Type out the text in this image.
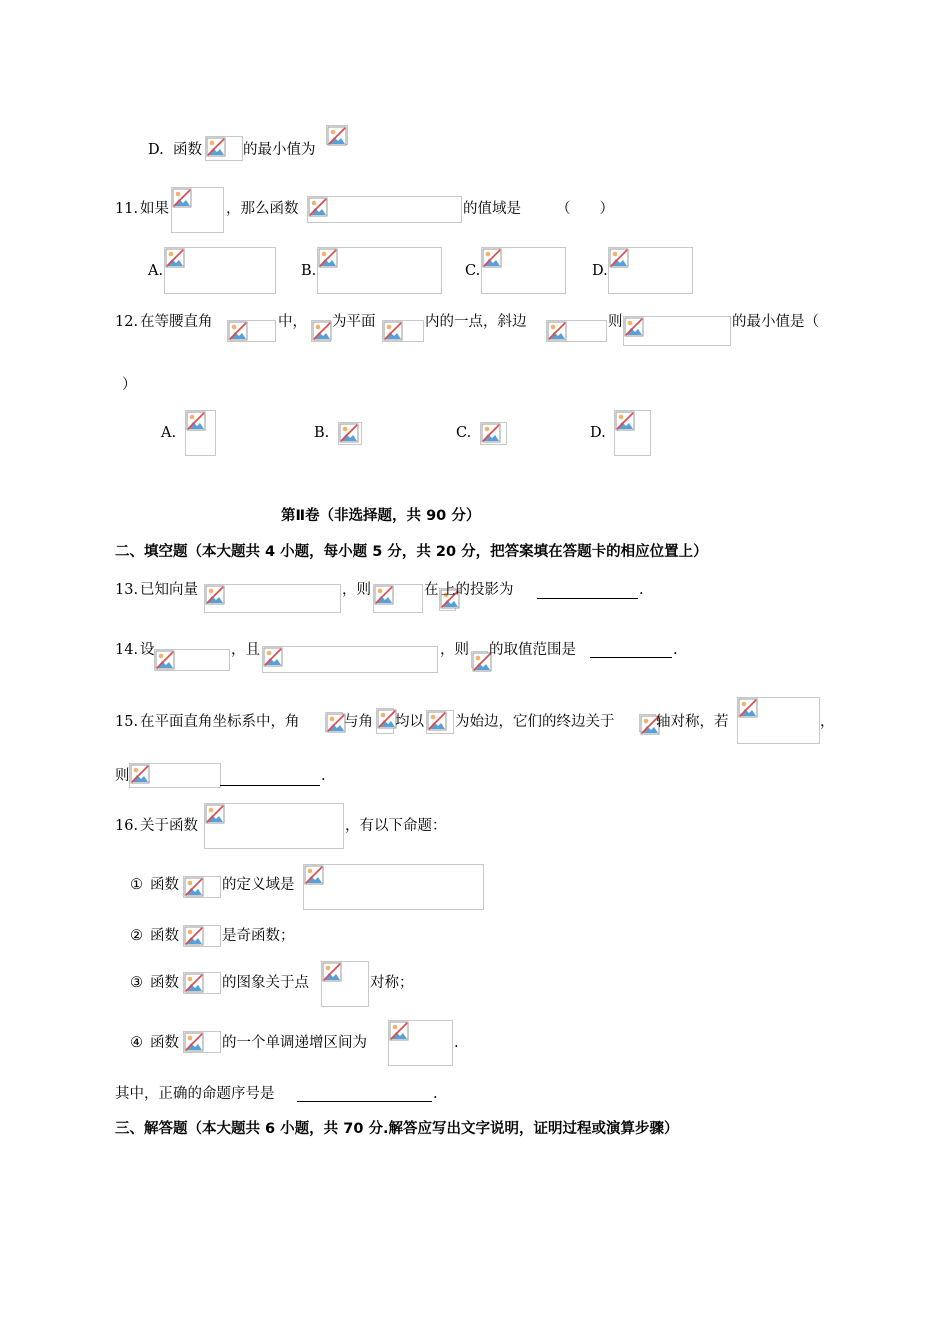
D. 函数	的最小值为
11. 如果	，那么函数	的值域是 （　　）
A.	B.	C.	D.
12. 在等腰直角	中， 为平面	内的一点，斜边	则	的最小值是（
）
A.	B.	C.	D.
第Ⅱ卷（非选择题，共 90 分）
二、填空题（本大题共 4 小题，每小题 5 分，共 20 分，把答案填在答题卡的相应位置上）
13. 已知向量	，则	在 上的投影为	.
14. 设	，且	，则 的取值范围是	.
15. 在平面直角坐标系中，角	与角 均以 为始边，它们的终边关于	轴对称，若	，
则	.
16. 关于函数	，有以下命题：
① 函数	的定义域是
② 函数	是奇函数；
③ 函数	的图象关于点	对称；
④ 函数	的一个单调递增区间为	.
其中，正确的命题序号是	.
三、解答题（本大题共 6 小题，共 70 分.解答应写出文字说明，证明过程或演算步骤）
